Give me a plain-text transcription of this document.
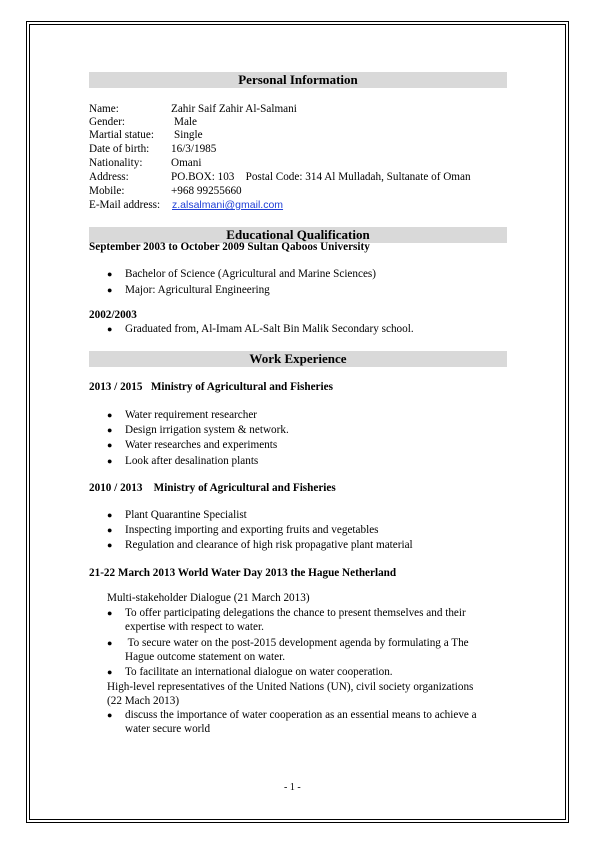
Personal Information
Name:	Zahir Saif Zahir Al-Salmani
Gender:	Male
Martial statue: Single
Date of birth: 16/3/1985
Nationality:	Omani
Address:	PO.BOX: 103    Postal Code: 314 Al Mulladah, Sultanate of Oman
Mobile:	+968 99255660
E-Mail address: z.alsalmani@gmail.com
Educational Qualification
September 2003 to October 2009 Sultan Qaboos University
● Bachelor of Science (Agricultural and Marine Sciences)
● Major: Agricultural Engineering
2002/2003
● Graduated from, Al-Imam AL-Salt Bin Malik Secondary school.
Work Experience
2013 / 2015   Ministry of Agricultural and Fisheries
● Water requirement researcher
● Design irrigation system & network.
● Water researches and experiments
● Look after desalination plants
2010 / 2013    Ministry of Agricultural and Fisheries
● Plant Quarantine Specialist
● Inspecting importing and exporting fruits and vegetables
● Regulation and clearance of high risk propagative plant material
21-22 March 2013 World Water Day 2013 the Hague Netherland
Multi-stakeholder Dialogue (21 March 2013)
● To offer participating delegations the chance to present themselves and their
expertise with respect to water.
● To secure water on the post-2015 development agenda by formulating a The
Hague outcome statement on water.
● To facilitate an international dialogue on water cooperation.
High-level representatives of the United Nations (UN), civil society organizations
(22 Mach 2013)
● discuss the importance of water cooperation as an essential means to achieve a
water secure world
- 1 -
